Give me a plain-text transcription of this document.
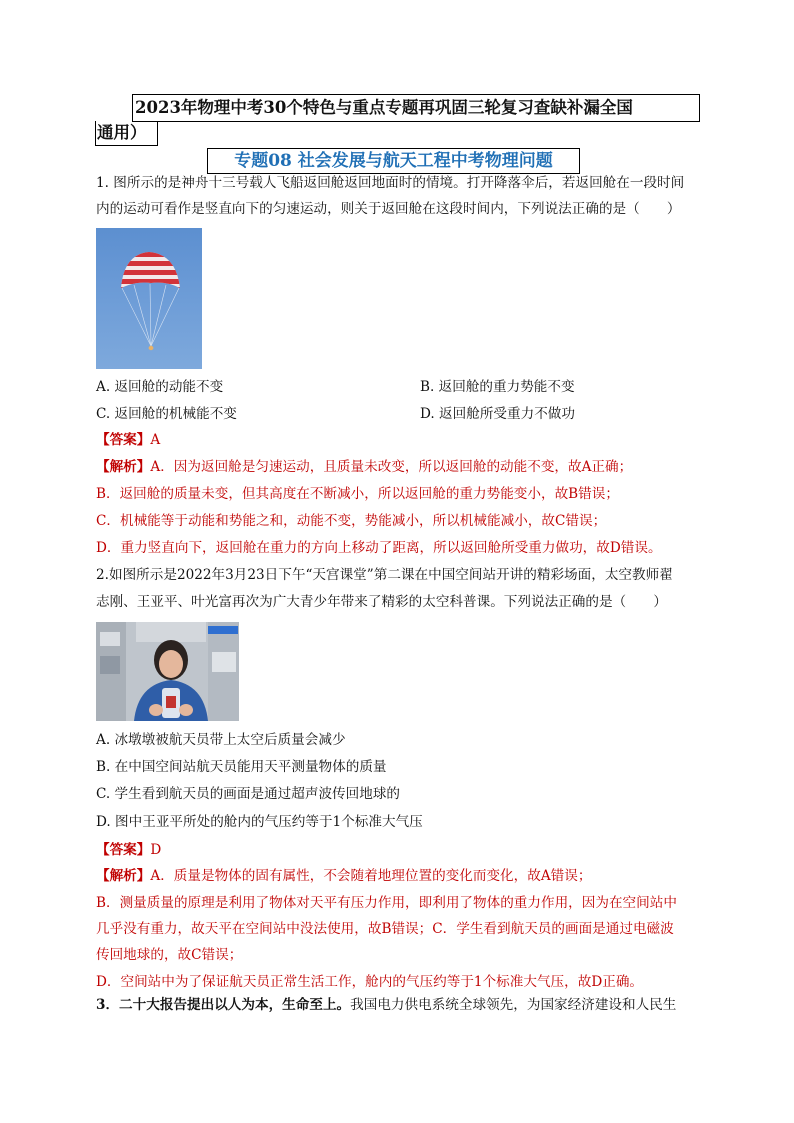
2023年物理中考30个特色与重点专题再巩固三轮复习查缺补漏全国
通用）
专题08 社会发展与航天工程中考物理问题
1. 图所示的是神舟十三号载人飞船返回舱返回地面时的情境。打开降落伞后，若返回舱在一段时间
内的运动可看作是竖直向下的匀速运动，则关于返回舱在这段时间内，下列说法正确的是（　　）
A. 返回舱的动能不变	B. 返回舱的重力势能不变
C. 返回舱的机械能不变	D. 返回舱所受重力不做功
【答案】A
【解析】A．因为返回舱是匀速运动，且质量未改变，所以返回舱的动能不变，故A正确；
B．返回舱的质量未变，但其高度在不断减小，所以返回舱的重力势能变小，故B错误；
C．机械能等于动能和势能之和，动能不变，势能减小，所以机械能减小，故C错误；
D．重力竖直向下，返回舱在重力的方向上移动了距离，所以返回舱所受重力做功，故D错误。
2.如图所示是2022年3月23日下午“天宫课堂”第二课在中国空间站开讲的精彩场面，太空教师翟
志刚、王亚平、叶光富再次为广大青少年带来了精彩的太空科普课。下列说法正确的是（　　）
A. 冰墩墩被航天员带上太空后质量会减少
B. 在中国空间站航天员能用天平测量物体的质量
C. 学生看到航天员的画面是通过超声波传回地球的
D. 图中王亚平所处的舱内的气压约等于1个标准大气压
【答案】D
【解析】A．质量是物体的固有属性，不会随着地理位置的变化而变化，故A错误；
B．测量质量的原理是利用了物体对天平有压力作用，即利用了物体的重力作用，因为在空间站中
几乎没有重力，故天平在空间站中没法使用，故B错误；C．学生看到航天员的画面是通过电磁波
传回地球的，故C错误；
D．空间站中为了保证航天员正常生活工作，舱内的气压约等于1个标准大气压，故D正确。
3．二十大报告提出以人为本，生命至上。我国电力供电系统全球领先，为国家经济建设和人民生
